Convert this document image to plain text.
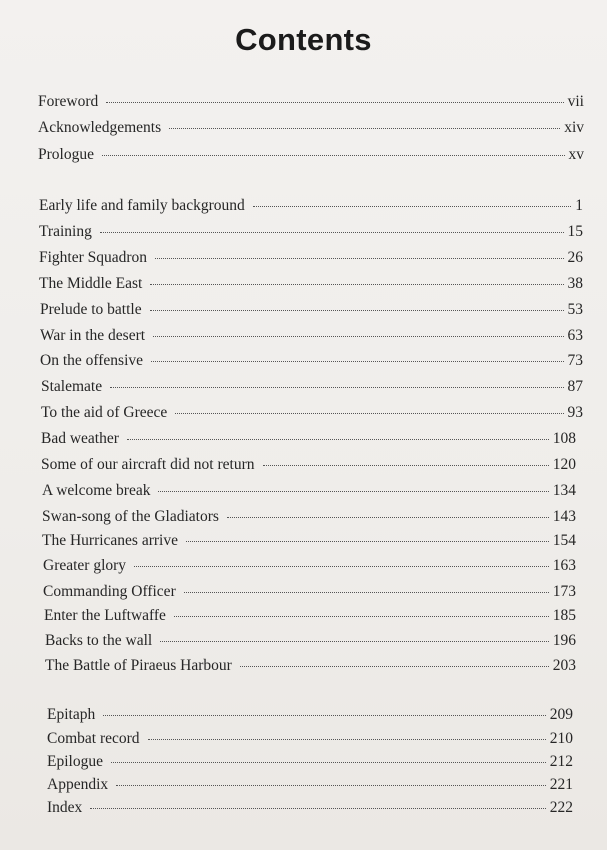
Contents
Foreword	vii
Acknowledgements	xiv
Prologue	xv
Early life and family background	1
Training	15
Fighter Squadron	26
The Middle East	38
Prelude to battle	53
War in the desert	63
On the offensive	73
Stalemate	87
To the aid of Greece	93
Bad weather	108
Some of our aircraft did not return	120
A welcome break	134
Swan-song of the Gladiators	143
The Hurricanes arrive	154
Greater glory	163
Commanding Officer	173
Enter the Luftwaffe	185
Backs to the wall	196
The Battle of Piraeus Harbour	203
Epitaph	209
Combat record	210
Epilogue	212
Appendix	221
Index	222
